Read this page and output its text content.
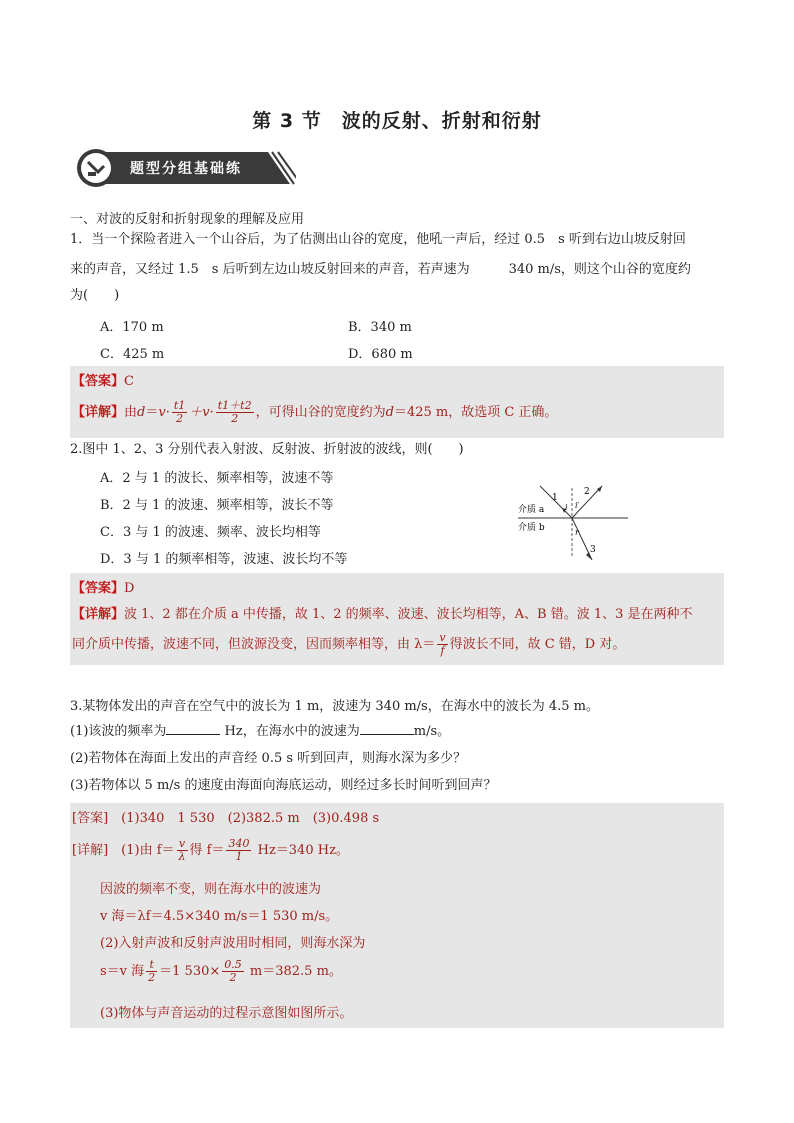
第 3 节　波的反射、折射和衍射
题型分组基础练
一、对波的反射和折射现象的理解及应用
1．当一个探险者进入一个山谷后，为了估测出山谷的宽度，他吼一声后，经过 0.5　s 听到右边山坡反射回
来的声音，又经过 1.5　s 后听到左边山坡反射回来的声音，若声速为　　　340 m/s，则这个山谷的宽度约
为(　　)
A．170 m	B．340 m
C．425 m	D．680 m
【答案】C
【详解】由$d=v\cdot \frac{t1}{2} +v\cdot \frac{t1+t2}{2}$ ，可得山谷的宽度约为d＝425 m，故选项 C 正确。
2.图中 1、2、3 分别代表入射波、反射波、折射波的波线，则(　　)
A．2 与 1 的波长、频率相等，波速不等
B．2 与 1 的波速、频率相等，波长不等
C．3 与 1 的波速、频率、波长均相等
D．3 与 1 的频率相等，波速、波长均不等
1
2
3
i i′
r
介质 a
介质 b
【答案】D
【详解】波 1、2 都在介质 a 中传播，故 1、2 的频率、波速、波长均相等，A、B 错。波 1、3 是在两种不
同介质中传播，波速不同，但波源没变，因而频率相等，由 $\lambda= \frac{v}{f}$ 得波长不同，故 C 错，D 对。
3.某物体发出的声音在空气中的波长为 1 m，波速为 340 m/s，在海水中的波长为 4.5 m。
(1)该波的频率为	Hz，在海水中的波速为	m/s。
(2)若物体在海面上发出的声音经 0.5 s 听到回声，则海水深为多少？
(3)若物体以 5 m/s 的速度由海面向海底运动，则经过多长时间听到回声？
[答案]　 (1)340　1 530　(2)382.5 m　(3)0.498 s
[详解]　 (1)由 $f= \frac{v}{\lambda}$ 得 $f= \frac{340}{1} Hz=340$ Hz。
因波的频率不变，则在海水中的波速为
v 海＝λf＝4.5×340 m/s＝1 530 m/s。
(2)入射声波和反射声波用时相同，则海水深为
s＝v 海 $\frac{t}{2} =1$ $530\times \frac{0.5}{2} m=382.5$ m。
(3)物体与声音运动的过程示意图如图所示。
